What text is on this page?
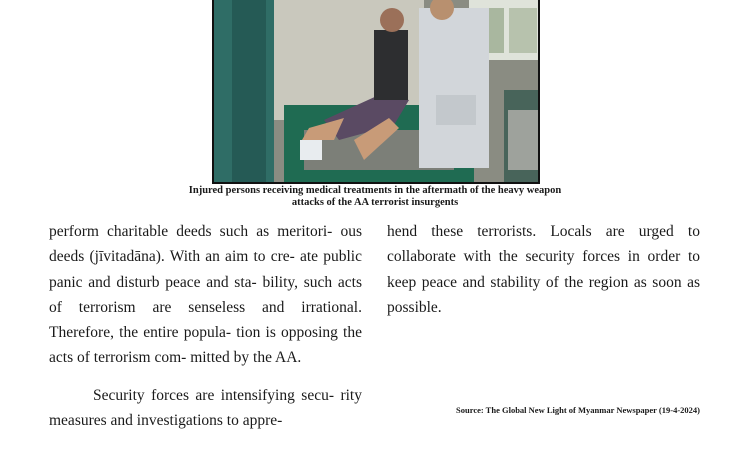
Injured persons receiving medical treatments in the aftermath of the heavy weapon
attacks of the AA terrorist insurgents

perform charitable deeds such as meritori- ous deeds (jīvitadāna). With an aim to cre- ate public panic and disturb peace and sta- bility, such acts of terrorism are senseless and irrational. Therefore, the entire popula- tion is opposing the acts of terrorism com- mitted by the AA.

Security forces are intensifying secu- rity measures and investigations to appre-

hend these terrorists. Locals are urged to collaborate with the security forces in order to keep peace and stability of the region as soon as possible.

Source: The Global New Light of Myanmar Newspaper (19-4-2024)
